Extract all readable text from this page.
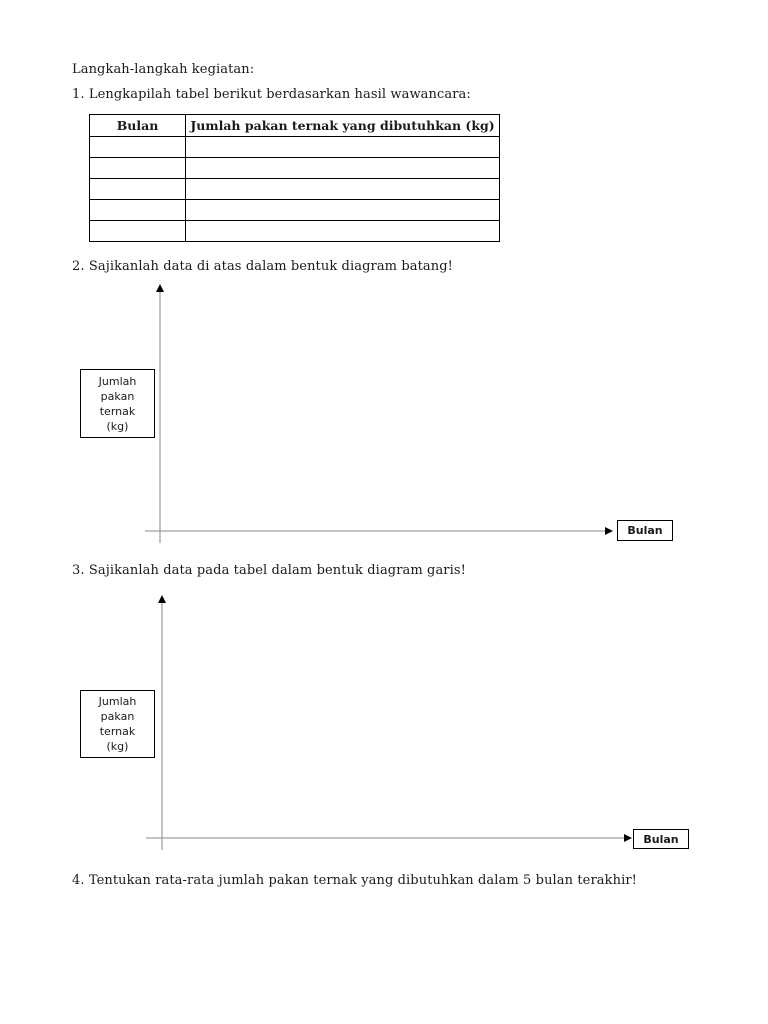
Langkah-langkah kegiatan:
1. Lengkapilah tabel berikut berdasarkan hasil wawancara:
Bulan	Jumlah pakan ternak yang dibutuhkan (kg)

2. Sajikanlah data di atas dalam bentuk diagram batang!
Jumlah
pakan
ternak
(kg)
Bulan
3. Sajikanlah data pada tabel dalam bentuk diagram garis!
Jumlah
pakan
ternak
(kg)
Bulan
4. Tentukan rata-rata jumlah pakan ternak yang dibutuhkan dalam 5 bulan terakhir!
